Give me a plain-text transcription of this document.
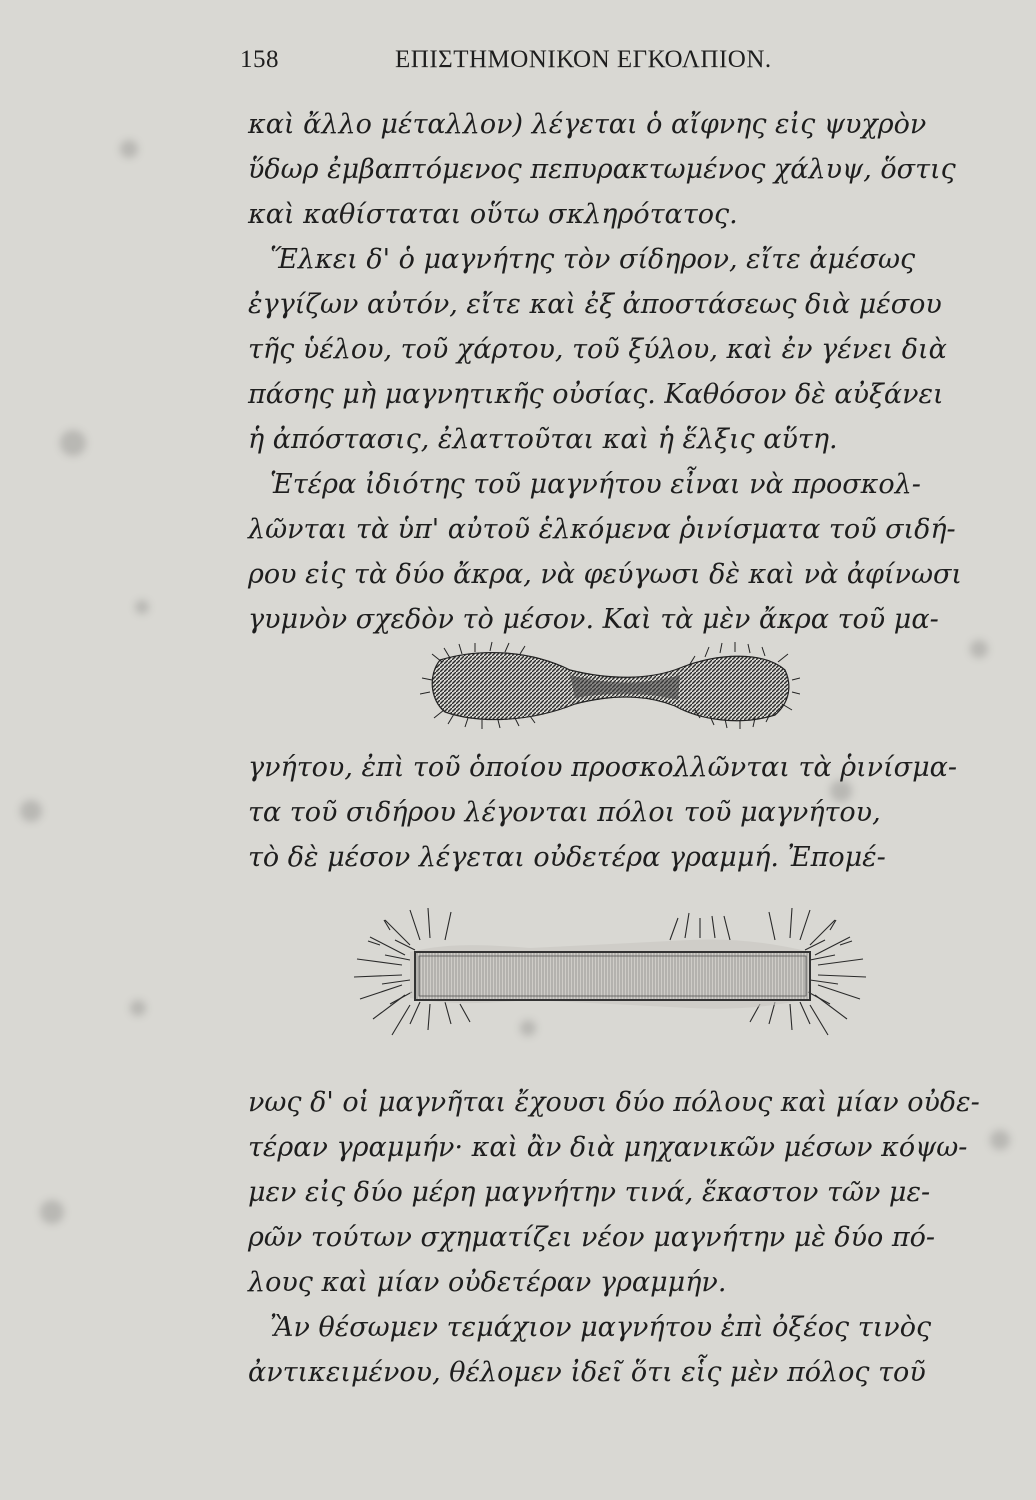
158	ΕΠΙΣΤΗΜΟΝΙΚΟΝ ΕΓΚΟΛΠΙΟΝ.
καὶ ἄλλο μέταλλον) λέγεται ὁ αἴφνης εἰς ψυχρὸν
ὕδωρ ἐμβαπτόμενος πεπυρακτωμένος χάλυψ, ὅστις
καὶ καθίσταται οὕτω σκληρότατος.
Ἕλκει δ' ὁ μαγνήτης τὸν σίδηρον, εἴτε ἀμέσως
ἐγγίζων αὐτόν, εἴτε καὶ ἐξ ἀποστάσεως διὰ μέσου
τῆς ὑέλου, τοῦ χάρτου, τοῦ ξύλου, καὶ ἐν γένει διὰ
πάσης μὴ μαγνητικῆς οὐσίας. Καθόσον δὲ αὐξάνει
ἡ ἀπόστασις, ἐλαττοῦται καὶ ἡ ἕλξις αὕτη.
Ἑτέρα ἰδιότης τοῦ μαγνήτου εἶναι νὰ προσκολ-
λῶνται τὰ ὑπ' αὐτοῦ ἑλκόμενα ῥινίσματα τοῦ σιδή-
ρου εἰς τὰ δύο ἄκρα, νὰ φεύγωσι δὲ καὶ νὰ ἀφίνωσι
γυμνὸν σχεδὸν τὸ μέσον. Καὶ τὰ μὲν ἄκρα τοῦ μα-
γνήτου, ἐπὶ τοῦ ὁποίου προσκολλῶνται τὰ ῥινίσμα-
τα τοῦ σιδήρου λέγονται πόλοι τοῦ μαγνήτου,
τὸ δὲ μέσον λέγεται οὐδετέρα γραμμή. Ἐπομέ-
νως δ' οἱ μαγνῆται ἔχουσι δύο πόλους καὶ μίαν οὐδε-
τέραν γραμμήν· καὶ ἂν διὰ μηχανικῶν μέσων κόψω-
μεν εἰς δύο μέρη μαγνήτην τινά, ἕκαστον τῶν με-
ρῶν τούτων σχηματίζει νέον μαγνήτην μὲ δύο πό-
λους καὶ μίαν οὐδετέραν γραμμήν.
Ἂν θέσωμεν τεμάχιον μαγνήτου ἐπὶ ὀξέος τινὸς
ἀντικειμένου, θέλομεν ἰδεῖ ὅτι εἷς μὲν πόλος τοῦ
